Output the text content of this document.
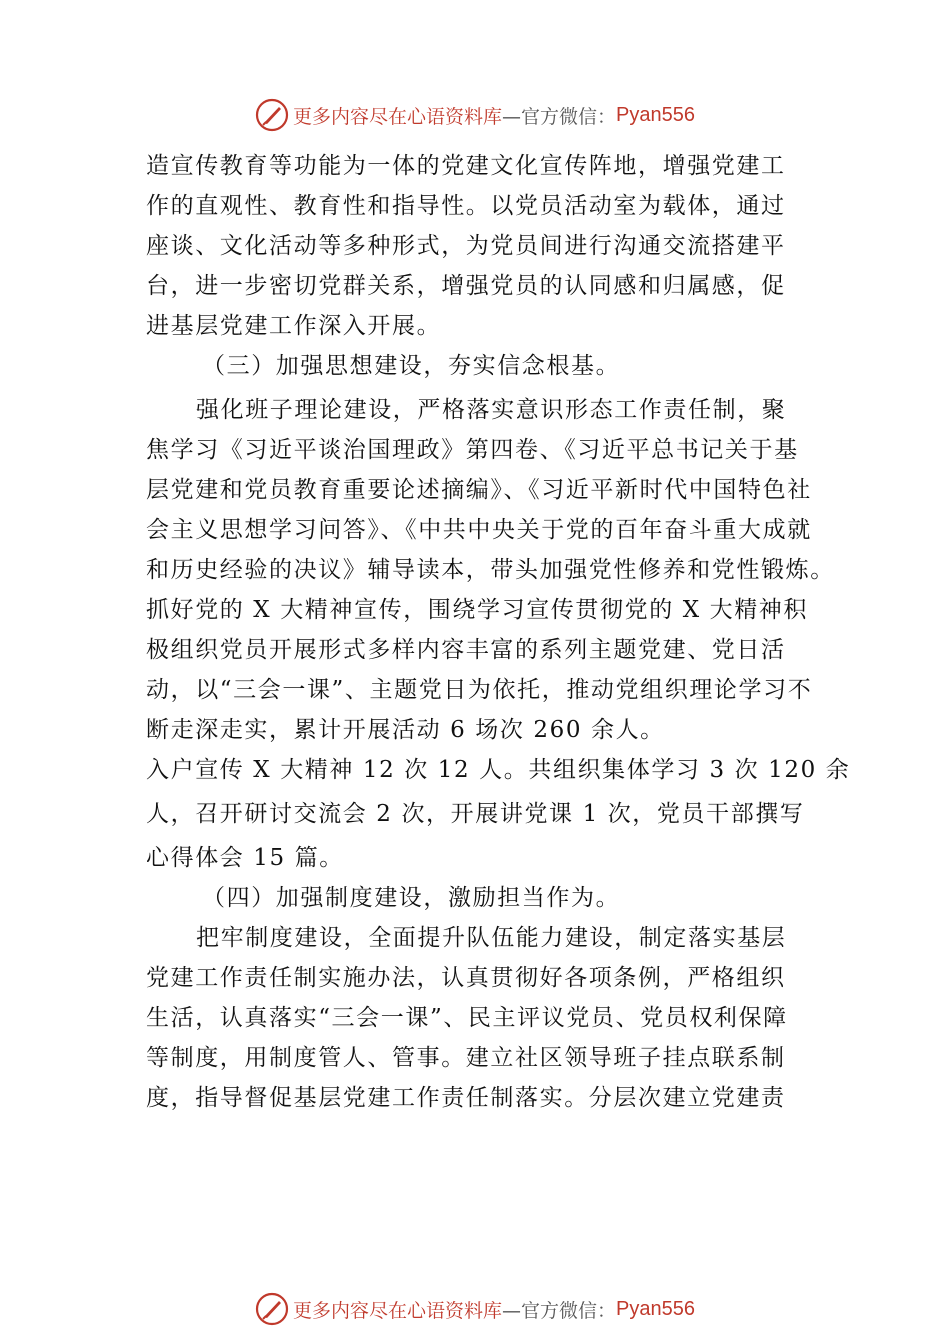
更多内容尽在心语资料库 —官方微信： Pyan556
造宣传教育等功能为一体的党建文化宣传阵地，增强党建工
作的直观性、教育性和指导性。以党员活动室为载体，通过
座谈、文化活动等多种形式，为党员间进行沟通交流搭建平
台，进一步密切党群关系，增强党员的认同感和归属感，促
进基层党建工作深入开展。
（三）加强思想建设，夯实信念根基。
强化班子理论建设，严格落实意识形态工作责任制，聚
焦学习《习近平谈治国理政》第四卷、《习近平总书记关于基
层党建和党员教育重要论述摘编》、《习近平新时代中国特色社
会主义思想学习问答》、《中共中央关于党的百年奋斗重大成就
和历史经验的决议》辅导读本，带头加强党性修养和党性锻炼。
抓好党的 X 大精神宣传，围绕学习宣传贯彻党的 X 大精神积
极组织党员开展形式多样内容丰富的系列主题党建、党日活
动，以“三会一课”、主题党日为依托，推动党组织理论学习不
断走深走实，累计开展活动 6 场次 260 余人。
入户宣传 X 大精神 12 次 12 人。共组织集体学习 3 次 120 余
人，召开研讨交流会 2 次，开展讲党课 1 次，党员干部撰写
心得体会 15 篇。
（四）加强制度建设，激励担当作为。
把牢制度建设，全面提升队伍能力建设，制定落实基层
党建工作责任制实施办法，认真贯彻好各项条例，严格组织
生活，认真落实“三会一课”、民主评议党员、党员权利保障
等制度，用制度管人、管事。建立社区领导班子挂点联系制
度，指导督促基层党建工作责任制落实。分层次建立党建责
更多内容尽在心语资料库 —官方微信： Pyan556
